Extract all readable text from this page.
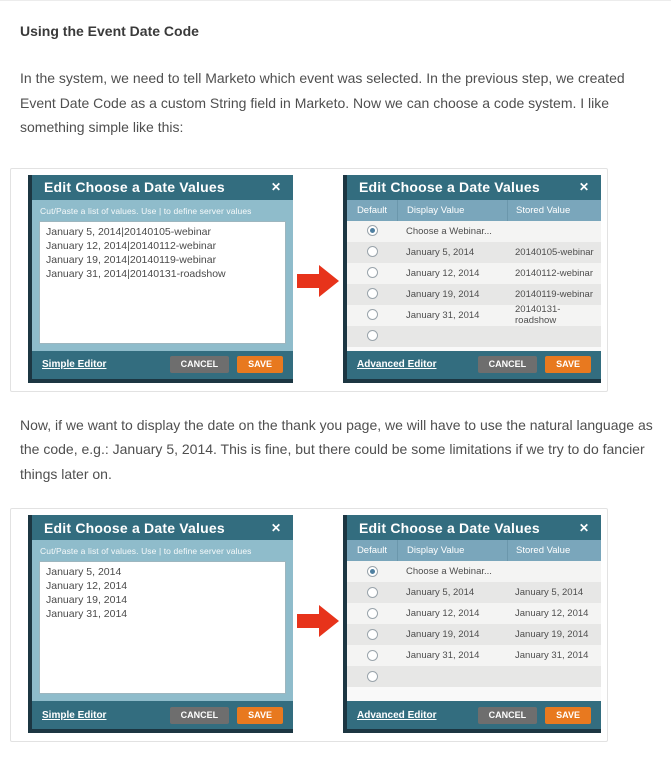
Using the Event Date Code

In the system, we need to tell Marketo which event was selected. In the previous step, we created Event Date Code as a custom String field in Marketo. Now we can choose a code system. I like something simple like this:

Edit Choose a Date Values	✕
Cut/Paste a list of values. Use | to define server values
January 5, 2014|20140105-webinar January 12, 2014|20140112-webinar January 19, 2014|20140119-webinar January 31, 2014|20140131-roadshow
Simple Editor	CANCEL	SAVE
Edit Choose a Date Values	✕
Default	Display Value	Stored Value
Choose a Webinar...
January 5, 2014	20140105-webinar
January 12, 2014	20140112-webinar
January 19, 2014	20140119-webinar
January 31, 2014	20140131-roadshow
Advanced Editor	CANCEL	SAVE

Now, if we want to display the date on the thank you page, we will have to use the natural language as the code, e.g.: January 5, 2014. This is fine, but there could be some limitations if we try to do fancier things later on.

Edit Choose a Date Values	✕
Cut/Paste a list of values. Use | to define server values
January 5, 2014 January 12, 2014 January 19, 2014 January 31, 2014
Simple Editor	CANCEL	SAVE
Edit Choose a Date Values	✕
Default	Display Value	Stored Value
Choose a Webinar...
January 5, 2014	January 5, 2014
January 12, 2014	January 12, 2014
January 19, 2014	January 19, 2014
January 31, 2014	January 31, 2014
Advanced Editor	CANCEL	SAVE
